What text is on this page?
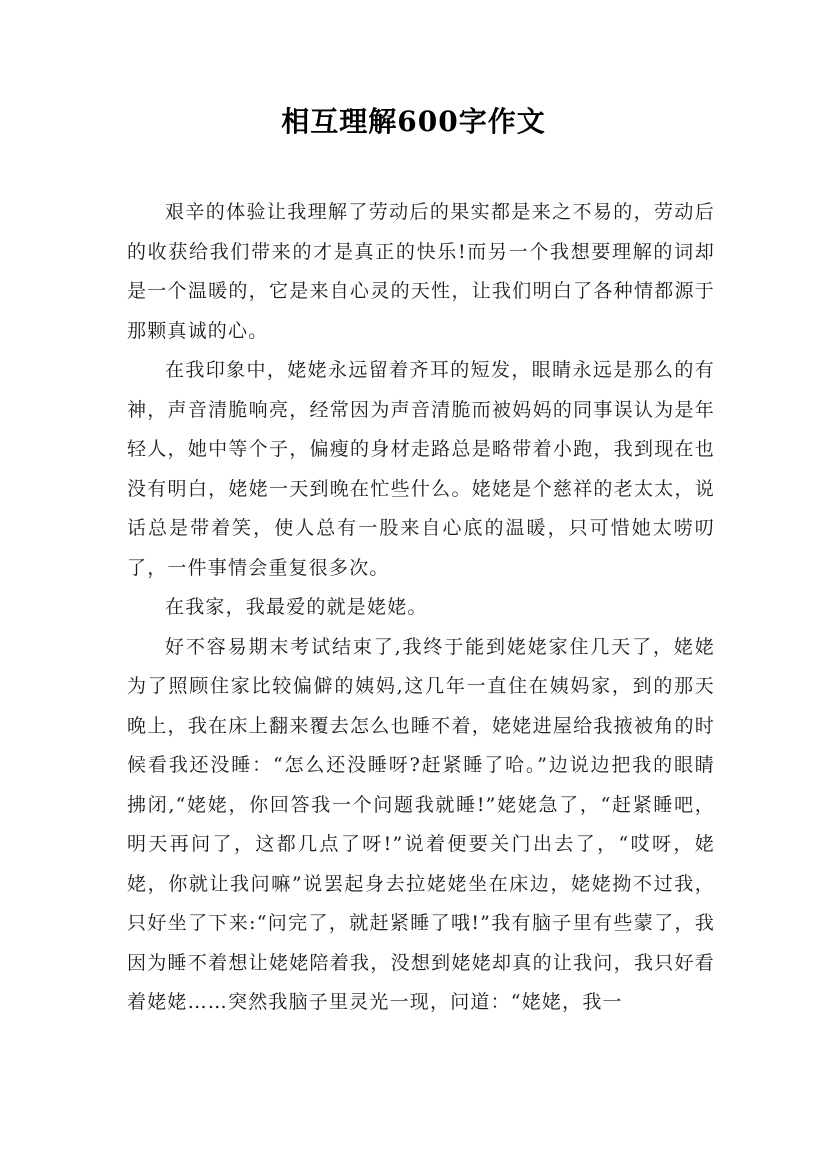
相互理解600字作文

艰辛的体验让我理解了劳动后的果实都是来之不易的，劳动后的收获给我们带来的才是真正的快乐!而另一个我想要理解的词却是一个温暖的，它是来自心灵的天性，让我们明白了各种情都源于那颗真诚的心。

在我印象中，姥姥永远留着齐耳的短发，眼睛永远是那么的有神，声音清脆响亮，经常因为声音清脆而被妈妈的同事误认为是年轻人，她中等个子，偏瘦的身材走路总是略带着小跑，我到现在也没有明白，姥姥一天到晚在忙些什么。姥姥是个慈祥的老太太，说话总是带着笑，使人总有一股来自心底的温暖，只可惜她太唠叨了，一件事情会重复很多次。

在我家，我最爱的就是姥姥。

好不容易期末考试结束了,我终于能到姥姥家住几天了，姥姥为了照顾住家比较偏僻的姨妈,这几年一直住在姨妈家，到的那天晚上，我在床上翻来覆去怎么也睡不着，姥姥进屋给我掖被角的时候看我还没睡：“怎么还没睡呀?赶紧睡了哈。”边说边把我的眼睛拂闭,“姥姥，你回答我一个问题我就睡!”姥姥急了，“赶紧睡吧，明天再问了，这都几点了呀!”说着便要关门出去了，“哎呀，姥姥，你就让我问嘛”说罢起身去拉姥姥坐在床边，姥姥拗不过我，只好坐了下来:“问完了，就赶紧睡了哦!”我有脑子里有些蒙了，我因为睡不着想让姥姥陪着我，没想到姥姥却真的让我问，我只好看着姥姥……突然我脑子里灵光一现，问道：“姥姥，我一
